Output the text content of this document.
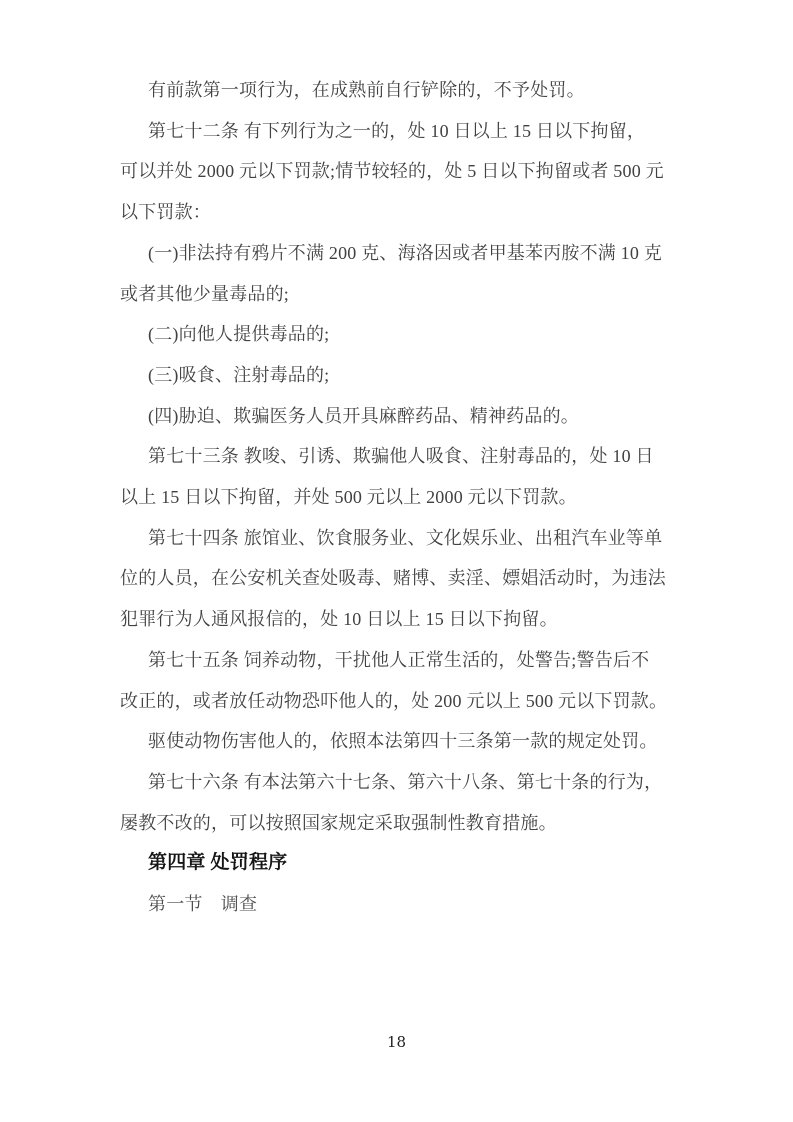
有前款第一项行为，在成熟前自行铲除的，不予处罚。
第七十二条 有下列行为之一的，处 10 日以上 15 日以下拘留，
可以并处 2000 元以下罚款;情节较轻的，处 5 日以下拘留或者 500 元
以下罚款：
(一)非法持有鸦片不满 200 克、海洛因或者甲基苯丙胺不满 10 克
或者其他少量毒品的;
(二)向他人提供毒品的;
(三)吸食、注射毒品的;
(四)胁迫、欺骗医务人员开具麻醉药品、精神药品的。
第七十三条 教唆、引诱、欺骗他人吸食、注射毒品的，处 10 日
以上 15 日以下拘留，并处 500 元以上 2000 元以下罚款。
第七十四条 旅馆业、饮食服务业、文化娱乐业、出租汽车业等单
位的人员，在公安机关查处吸毒、赌博、卖淫、嫖娼活动时，为违法
犯罪行为人通风报信的，处 10 日以上 15 日以下拘留。
第七十五条 饲养动物，干扰他人正常生活的，处警告;警告后不
改正的，或者放任动物恐吓他人的，处 200 元以上 500 元以下罚款。
驱使动物伤害他人的，依照本法第四十三条第一款的规定处罚。
第七十六条 有本法第六十七条、第六十八条、第七十条的行为，
屡教不改的，可以按照国家规定采取强制性教育措施。
第四章 处罚程序
第一节　调查
18
